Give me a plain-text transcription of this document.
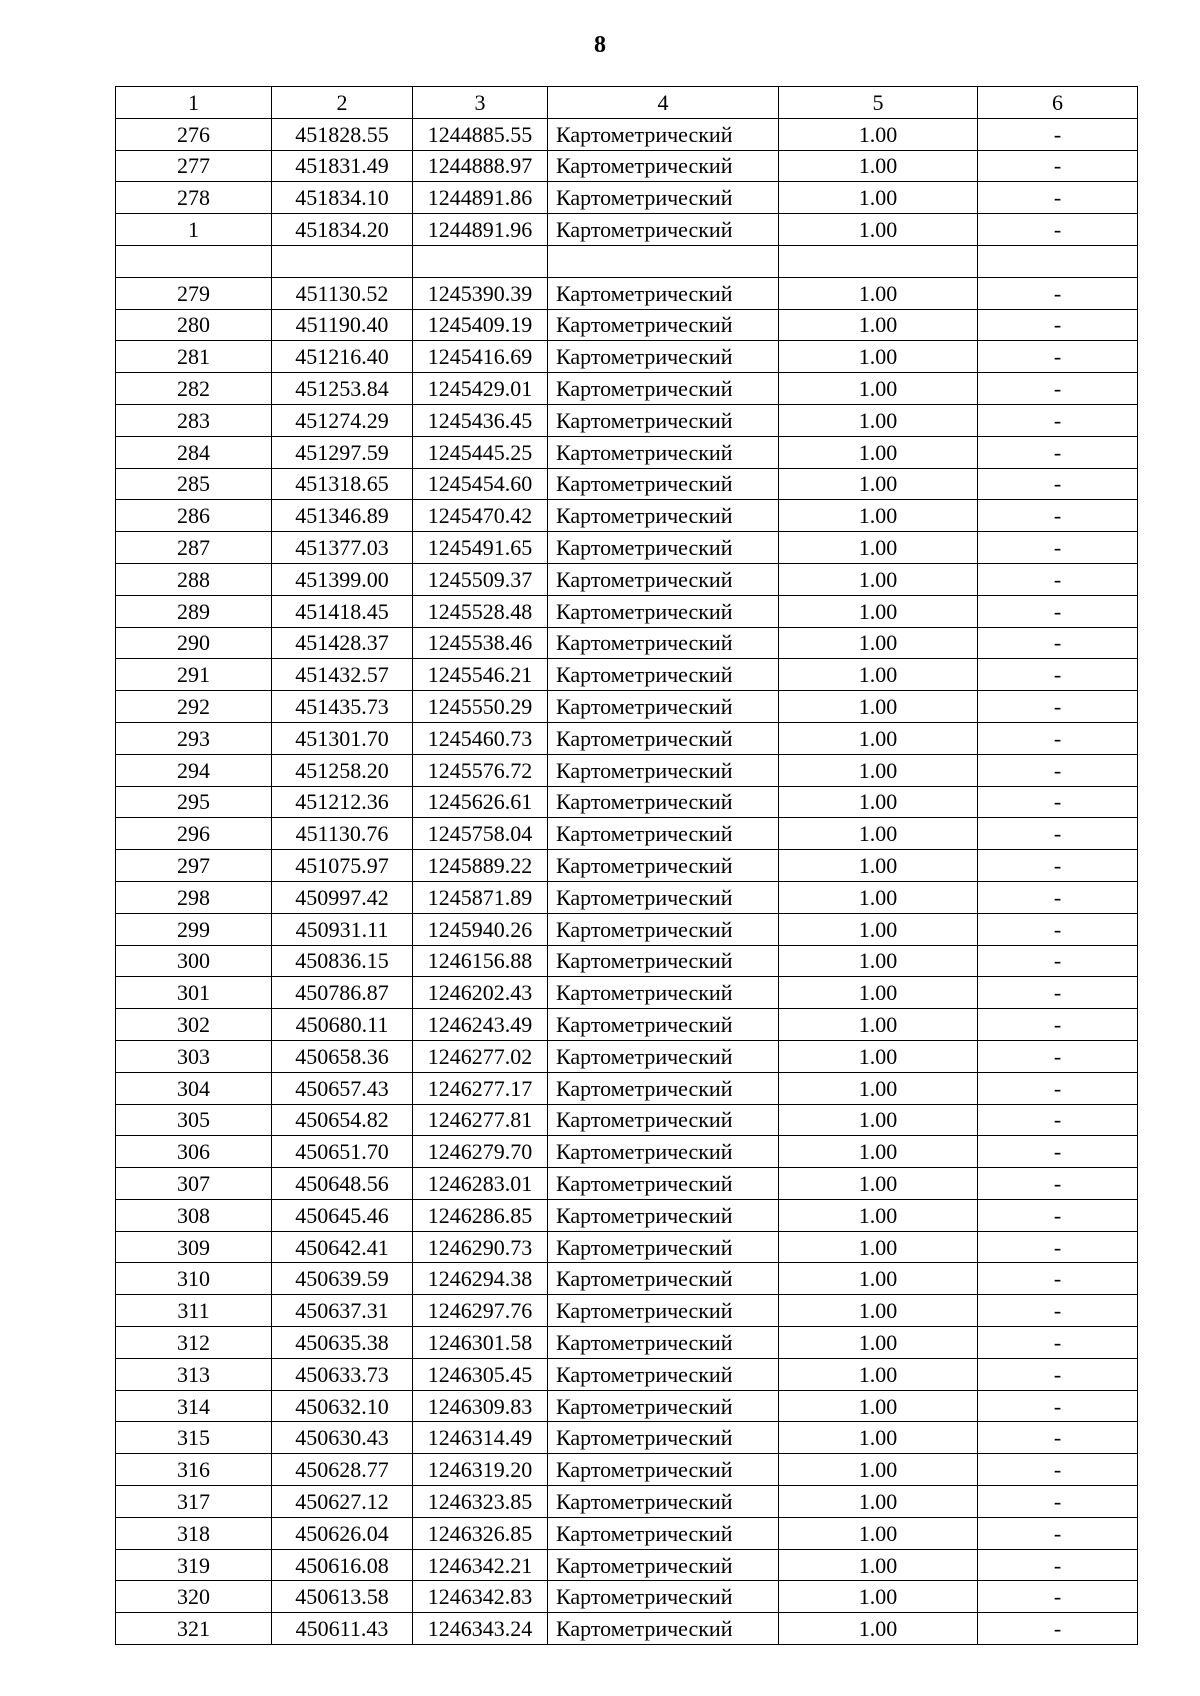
8
1	2	3	4	5	6
276	451828.55	1244885.55	Картометрический	1.00	-
277	451831.49	1244888.97	Картометрический	1.00	-
278	451834.10	1244891.86	Картометрический	1.00	-
1	451834.20	1244891.96	Картометрический	1.00	-

279	451130.52	1245390.39	Картометрический	1.00	-
280	451190.40	1245409.19	Картометрический	1.00	-
281	451216.40	1245416.69	Картометрический	1.00	-
282	451253.84	1245429.01	Картометрический	1.00	-
283	451274.29	1245436.45	Картометрический	1.00	-
284	451297.59	1245445.25	Картометрический	1.00	-
285	451318.65	1245454.60	Картометрический	1.00	-
286	451346.89	1245470.42	Картометрический	1.00	-
287	451377.03	1245491.65	Картометрический	1.00	-
288	451399.00	1245509.37	Картометрический	1.00	-
289	451418.45	1245528.48	Картометрический	1.00	-
290	451428.37	1245538.46	Картометрический	1.00	-
291	451432.57	1245546.21	Картометрический	1.00	-
292	451435.73	1245550.29	Картометрический	1.00	-
293	451301.70	1245460.73	Картометрический	1.00	-
294	451258.20	1245576.72	Картометрический	1.00	-
295	451212.36	1245626.61	Картометрический	1.00	-
296	451130.76	1245758.04	Картометрический	1.00	-
297	451075.97	1245889.22	Картометрический	1.00	-
298	450997.42	1245871.89	Картометрический	1.00	-
299	450931.11	1245940.26	Картометрический	1.00	-
300	450836.15	1246156.88	Картометрический	1.00	-
301	450786.87	1246202.43	Картометрический	1.00	-
302	450680.11	1246243.49	Картометрический	1.00	-
303	450658.36	1246277.02	Картометрический	1.00	-
304	450657.43	1246277.17	Картометрический	1.00	-
305	450654.82	1246277.81	Картометрический	1.00	-
306	450651.70	1246279.70	Картометрический	1.00	-
307	450648.56	1246283.01	Картометрический	1.00	-
308	450645.46	1246286.85	Картометрический	1.00	-
309	450642.41	1246290.73	Картометрический	1.00	-
310	450639.59	1246294.38	Картометрический	1.00	-
311	450637.31	1246297.76	Картометрический	1.00	-
312	450635.38	1246301.58	Картометрический	1.00	-
313	450633.73	1246305.45	Картометрический	1.00	-
314	450632.10	1246309.83	Картометрический	1.00	-
315	450630.43	1246314.49	Картометрический	1.00	-
316	450628.77	1246319.20	Картометрический	1.00	-
317	450627.12	1246323.85	Картометрический	1.00	-
318	450626.04	1246326.85	Картометрический	1.00	-
319	450616.08	1246342.21	Картометрический	1.00	-
320	450613.58	1246342.83	Картометрический	1.00	-
321	450611.43	1246343.24	Картометрический	1.00	-
